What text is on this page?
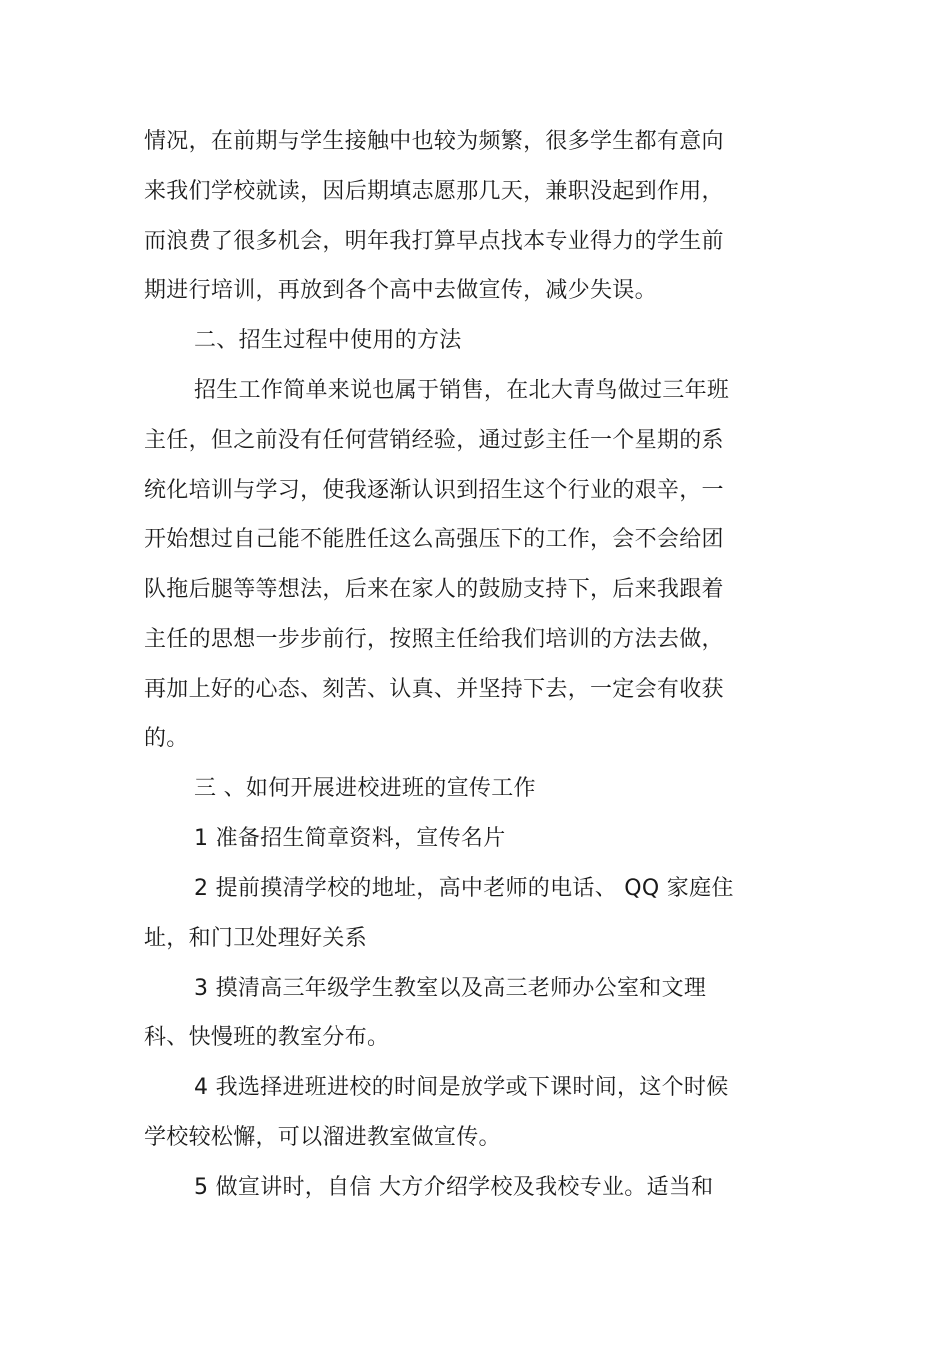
情况，在前期与学生接触中也较为频繁，很多学生都有意向
来我们学校就读，因后期填志愿那几天，兼职没起到作用，
而浪费了很多机会，明年我打算早点找本专业得力的学生前
期进行培训，再放到各个高中去做宣传，减少失误。
二、招生过程中使用的方法
招生工作简单来说也属于销售，在北大青鸟做过三年班
主任，但之前没有任何营销经验，通过彭主任一个星期的系
统化培训与学习，使我逐渐认识到招生这个行业的艰辛，一
开始想过自己能不能胜任这么高强压下的工作，会不会给团
队拖后腿等等想法，后来在家人的鼓励支持下，后来我跟着
主任的思想一步步前行，按照主任给我们培训的方法去做，
再加上好的心态、刻苦、认真、并坚持下去，一定会有收获
的。
三 、如何开展进校进班的宣传工作
1 准备招生简章资料，宣传名片
2 提前摸清学校的地址，高中老师的电话、 QQ 家庭住
址，和门卫处理好关系
3 摸清高三年级学生教室以及高三老师办公室和文理
科、快慢班的教室分布。
4 我选择进班进校的时间是放学或下课时间，这个时候
学校较松懈，可以溜进教室做宣传。
5 做宣讲时，自信 大方介绍学校及我校专业。适当和
